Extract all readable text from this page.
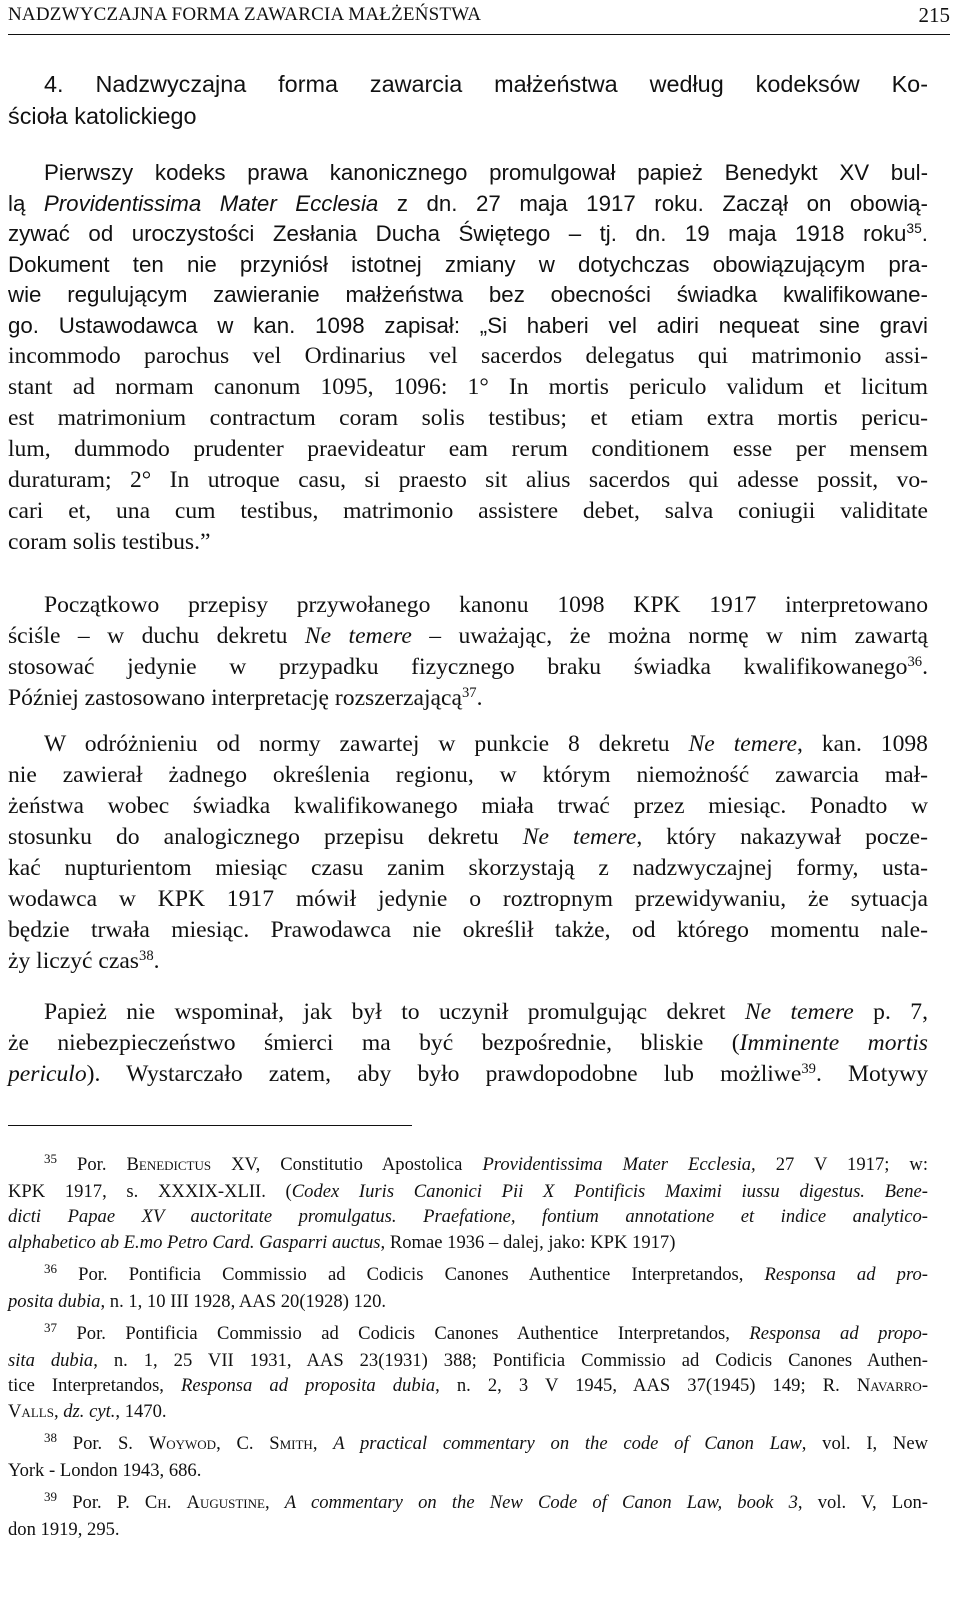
NADZWYCZAJNA FORMA ZAWARCIA MAŁŻEŃSTWA	215
4. Nadzwyczajna forma zawarcia małżeństwa według kodeksów Ko-
ścioła katolickiego
Pierwszy kodeks prawa kanonicznego promulgował papież Benedykt XV bul-
lą Providentissima Mater Ecclesia z dn. 27 maja 1917 roku. Zaczął on obowią-
zywać od uroczystości Zesłania Ducha Świętego – tj. dn. 19 maja 1918 roku$^{35}$.
Dokument ten nie przyniósł istotnej zmiany w dotychczas obowiązującym pra-
wie regulującym zawieranie małżeństwa bez obecności świadka kwalifikowane-
go. Ustawodawca w kan. 1098 zapisał: „Si haberi vel adiri nequeat sine gravi
incommodo parochus vel Ordinarius vel sacerdos delegatus qui matrimonio assi-
stant ad normam canonum 1095, 1096: 1° In mortis periculo validum et licitum
est matrimonium contractum coram solis testibus; et etiam extra mortis pericu-
lum, dummodo prudenter praevideatur eam rerum conditionem esse per mensem
duraturam; 2° In utroque casu, si praesto sit alius sacerdos qui adesse possit, vo-
cari et, una cum testibus, matrimonio assistere debet, salva coniugii validitate
coram solis testibus.”
Początkowo przepisy przywołanego kanonu 1098 KPK 1917 interpretowano
ściśle – w duchu dekretu Ne temere – uważając, że można normę w nim zawartą
stosować jedynie w przypadku fizycznego braku świadka kwalifikowanego$^{36}$.
Później zastosowano interpretację rozszerzającą$^{37}$.
W odróżnieniu od normy zawartej w punkcie 8 dekretu Ne temere, kan. 1098
nie zawierał żadnego określenia regionu, w którym niemożność zawarcia mał-
żeństwa wobec świadka kwalifikowanego miała trwać przez miesiąc. Ponadto w
stosunku do analogicznego przepisu dekretu Ne temere, który nakazywał pocze-
kać nupturientom miesiąc czasu zanim skorzystają z nadzwyczajnej formy, usta-
wodawca w KPK 1917 mówił jedynie o roztropnym przewidywaniu, że sytuacja
będzie trwała miesiąc. Prawodawca nie określił także, od którego momentu nale-
ży liczyć czas$^{38}$.
Papież nie wspominał, jak był to uczynił promulgując dekret Ne temere p. 7,
że niebezpieczeństwo śmierci ma być bezpośrednie, bliskie (Imminente mortis
periculo). Wystarczało zatem, aby było prawdopodobne lub możliwe$^{39}$. Motywy
$^{35}$ Por. Benedictus XV, Constitutio Apostolica Providentissima Mater Ecclesia, 27 V 1917; w:
KPK 1917, s. XXXIX-XLII. (Codex Iuris Canonici Pii X Pontificis Maximi iussu digestus. Bene-
dicti Papae XV auctoritate promulgatus. Praefatione, fontium annotatione et indice analytico-
alphabetico ab E.mo Petro Card. Gasparri auctus, Romae 1936 – dalej, jako: KPK 1917)
$^{36}$ Por. Pontificia Commissio ad Codicis Canones Authentice Interpretandos, Responsa ad pro-
posita dubia, n. 1, 10 III 1928, AAS 20(1928) 120.
$^{37}$ Por. Pontificia Commissio ad Codicis Canones Authentice Interpretandos, Responsa ad propo-
sita dubia, n. 1, 25 VII 1931, AAS 23(1931) 388; Pontificia Commissio ad Codicis Canones Authen-
tice Interpretandos, Responsa ad proposita dubia, n. 2, 3 V 1945, AAS 37(1945) 149; R. Navarro-
Valls, dz. cyt., 1470.
$^{38}$ Por. S. Woywod, C. Smith, A practical commentary on the code of Canon Law, vol. I, New
York - London 1943, 686.
$^{39}$ Por. P. Ch. Augustine, A commentary on the New Code of Canon Law, book 3, vol. V, Lon-
don 1919, 295.
